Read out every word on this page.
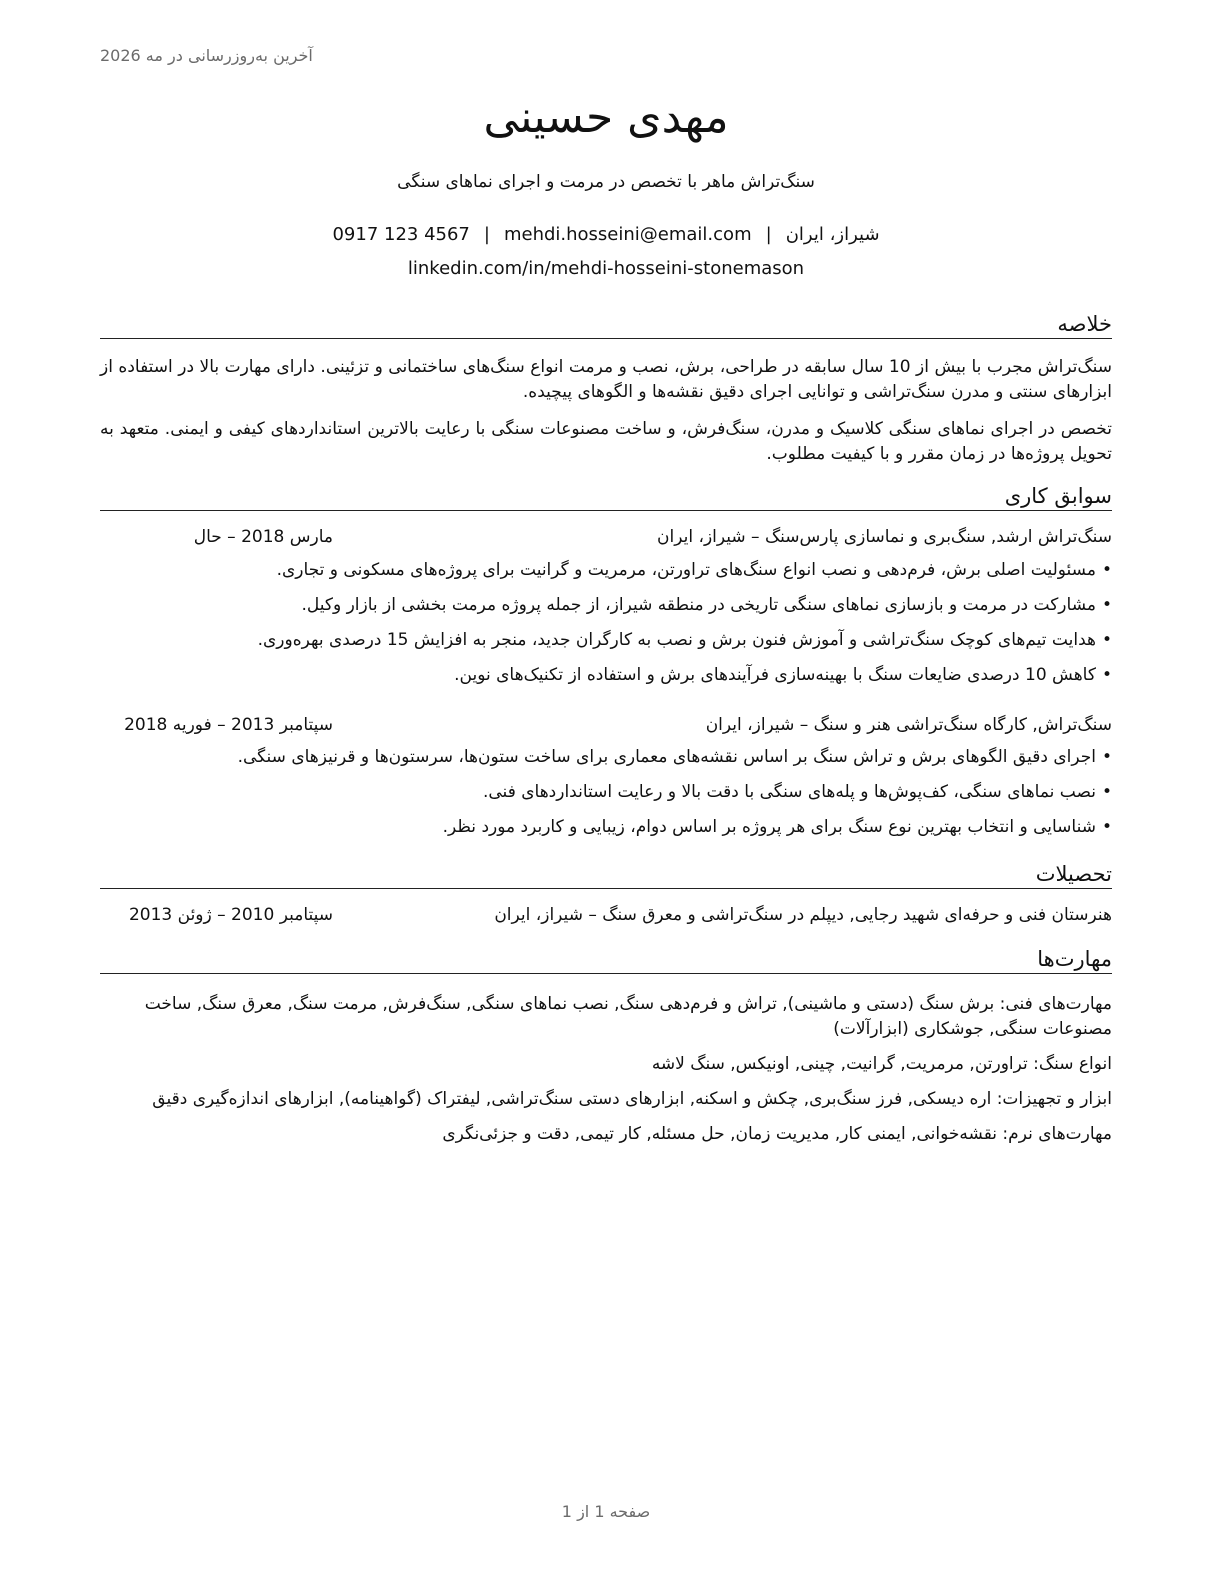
آخرین به‌روزرسانی در مه 2026
مهدی حسینی
سنگ‌تراش ماهر با تخصص در مرمت و اجرای نماهای سنگی
0917 123 4567 | mehdi.hosseini@email.com | شیراز، ایران
linkedin.com/in/mehdi-hosseini-stonemason
خلاصه

سنگ‌تراش مجرب با بیش از 10 سال سابقه در طراحی، برش، نصب و مرمت انواع سنگ‌های ساختمانی و تزئینی. دارای مهارت بالا در استفاده از ابزارهای سنتی و مدرن سنگ‌تراشی و توانایی اجرای دقیق نقشه‌ها و الگوهای پیچیده.

تخصص در اجرای نماهای سنگی کلاسیک و مدرن، سنگ‌فرش، و ساخت مصنوعات سنگی با رعایت بالاترین استانداردهای کیفی و ایمنی. متعهد به تحویل پروژه‌ها در زمان مقرر و با کیفیت مطلوب.

سوابق کاری
سنگ‌تراش ارشد, سنگ‌بری و نماسازی پارس‌سنگ – شیراز، ایران
مارس 2018 – حال
• مسئولیت اصلی برش، فرم‌دهی و نصب انواع سنگ‌های تراورتن، مرمریت و گرانیت برای پروژه‌های مسکونی و تجاری.
• مشارکت در مرمت و بازسازی نماهای سنگی تاریخی در منطقه شیراز، از جمله پروژه مرمت بخشی از بازار وکیل.
• هدایت تیم‌های کوچک سنگ‌تراشی و آموزش فنون برش و نصب به کارگران جدید، منجر به افزایش 15 درصدی بهره‌وری.
• کاهش 10 درصدی ضایعات سنگ با بهینه‌سازی فرآیندهای برش و استفاده از تکنیک‌های نوین.
سنگ‌تراش, کارگاه سنگ‌تراشی هنر و سنگ – شیراز، ایران
سپتامبر 2013 – فوریه 2018
• اجرای دقیق الگوهای برش و تراش سنگ بر اساس نقشه‌های معماری برای ساخت ستون‌ها، سرستون‌ها و قرنیزهای سنگی.
• نصب نماهای سنگی، کف‌پوش‌ها و پله‌های سنگی با دقت بالا و رعایت استانداردهای فنی.
• شناسایی و انتخاب بهترین نوع سنگ برای هر پروژه بر اساس دوام، زیبایی و کاربرد مورد نظر.
تحصیلات
هنرستان فنی و حرفه‌ای شهید رجایی, دیپلم در سنگ‌تراشی و معرق سنگ – شیراز، ایران
سپتامبر 2010 – ژوئن 2013
مهارت‌ها
مهارت‌های فنی: برش سنگ (دستی و ماشینی), تراش و فرم‌دهی سنگ, نصب نماهای سنگی, سنگ‌فرش, مرمت سنگ, معرق سنگ, ساخت مصنوعات سنگی, جوشکاری (ابزارآلات)
انواع سنگ: تراورتن, مرمریت, گرانیت, چینی, اونیکس, سنگ لاشه
ابزار و تجهیزات: اره دیسکی, فرز سنگ‌بری, چکش و اسکنه, ابزارهای دستی سنگ‌تراشی, لیفتراک (گواهینامه), ابزارهای اندازه‌گیری دقیق
مهارت‌های نرم: نقشه‌خوانی, ایمنی کار, مدیریت زمان, حل مسئله, کار تیمی, دقت و جزئی‌نگری
صفحه 1 از 1
